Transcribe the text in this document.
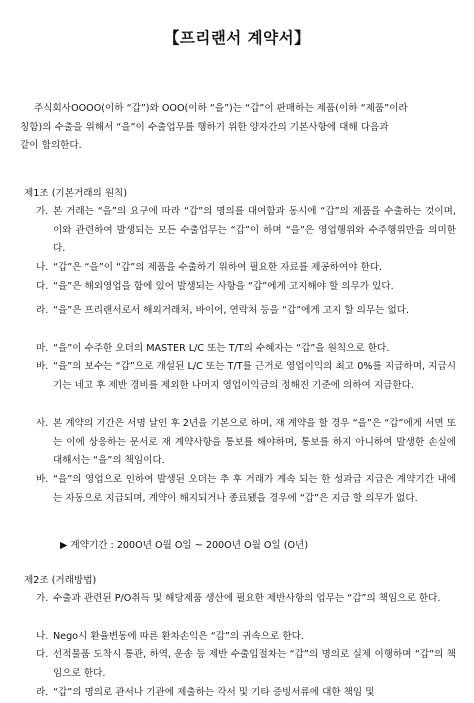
【프리랜서 계약서】
주식회사OOOO(이하 “갑”)와 OOO(이하 “을”)는 “갑”이 판매하는 제품(이하 “제품”이라
칭함)의 수출을 위해서 “을”이 수출업무를 행하기 위한 양자간의 기본사항에 대해 다음과
같이 합의한다.
제1조 (기본거래의 원칙)
가. 본 거래는 “을”의 요구에 따라 “갑”의 명의를 대여함과 동시에 “갑”의 제품을 수출하는 것이며, 이와 관련하여 발생되는 모든 수출업무는 “갑”이 하며 “을”은 영업행위와 수주행위만을 의미한다.
나. “갑”은 “을”이 “갑”의 제품을 수출하기 위하여 필요한 자료를 제공하여야 한다.
다. “을”은 해외영업을 함에 있어 발생되는 사항을 “갑”에게 고지해야 할 의무가 있다.
라. “을”은 프리랜서로서 해외거래처, 바이어, 연락처 등을 “갑”에게 고지 할 의무는 없다.
마. “을”이 수주한 오더의 MASTER L/C 또는 T/T의 수혜자는 “갑”을 원칙으로 한다.
바. “을”의 보수는 “갑”으로 개설된 L/C 또는 T/T를 근거로 영업이익의 최고 0%를 지급하며, 지급시기는 네고 후 제반 경비를 제외한 나머지 영업이익금의 정해진 기준에 의하여 지급한다.
사. 본 계약의 기간은 서명 날인 후 2년을 기본으로 하며, 재 계약을 할 경우 “을”은 “갑”에게 서면 또는 이에 상응하는 문서로 재 계약사항을 통보를 해야하며, 통보를 하지 아니하여 발생한 손실에 대해서는 “을”의 책임이다.
바. “을”의 영업으로 인하여 발생된 오더는 추 후 거래가 계속 되는 한 성과급 지급은 계약기간 내에는 자동으로 지급되며, 계약이 해지되거나 종료됐을 경우에 “갑”은 지급 할 의무가 없다.
▶ 계약기간 : 200O년 O월 O일 ~ 200O년 O월 O일 (O년)
제2조 (거래방법)
가. 수출과 관련된 P/O취득 및 해당제품 생산에 필요한 제반사항의 업무는 “갑”의 책임으로 한다.
나. Nego시 환율변동에 따른 환차손익은 “갑”의 귀속으로 한다.
다. 선적물품 도착시 통관, 하역, 운송 등 제반 수출입절차는 “갑”의 명의로 실제 이행하며 “갑”의 책임으로 한다.
라. “갑”의 명의로 관서나 기관에 제출하는 각서 및 기타 증빙서류에 대한 책임 및
